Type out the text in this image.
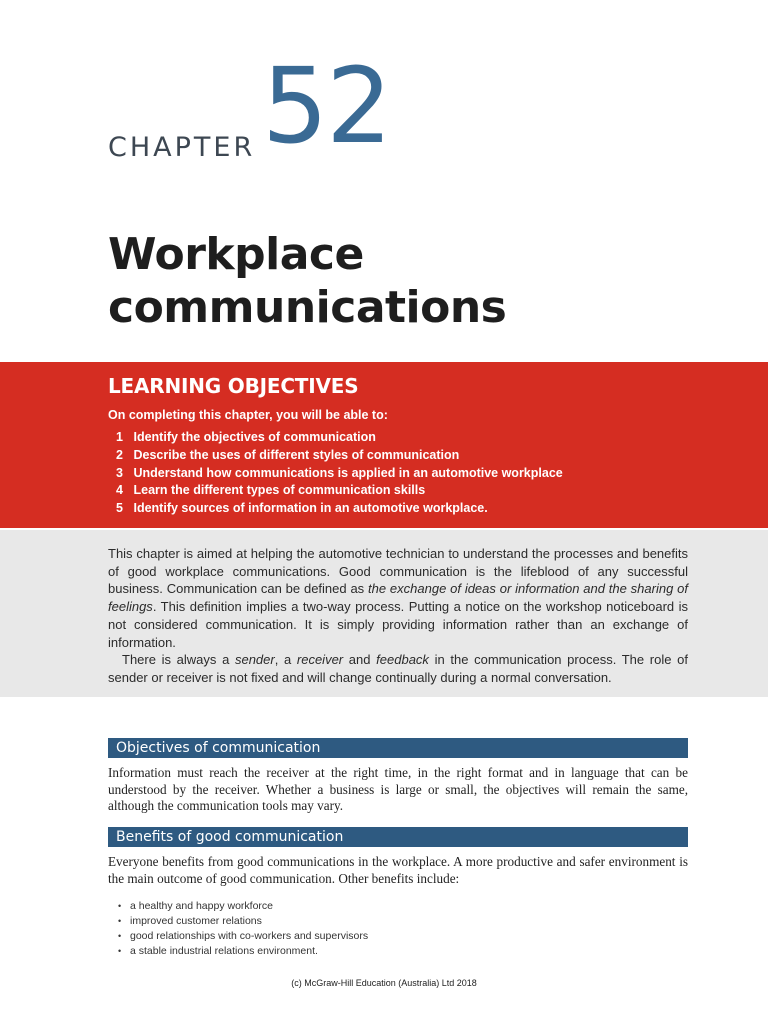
CHAPTER 52
Workplace
communications
LEARNING OBJECTIVES

On completing this chapter, you will be able to:

1 Identify the objectives of communication
2 Describe the uses of different styles of communication
3 Understand how communications is applied in an automotive workplace
4 Learn the different types of communication skills
5 Identify sources of information in an automotive workplace.

This chapter is aimed at helping the automotive technician to understand the processes and benefits of good workplace communications. Good communication is the lifeblood of any successful business. Communication can be defined as the exchange of ideas or information and the sharing of feelings. This definition implies a two-way process. Putting a notice on the workshop noticeboard is not considered communication. It is simply providing information rather than an exchange of information.
There is always a sender, a receiver and feedback in the communication process. The role of sender or receiver is not fixed and will change continually during a normal conversation.

Objectives of communication

Information must reach the receiver at the right time, in the right format and in language that can be understood by the receiver. Whether a business is large or small, the objectives will remain the same, although the communication tools may vary.

Benefits of good communication

Everyone benefits from good communications in the workplace. A more productive and safer environment is the main outcome of good communication. Other benefits include:

• a healthy and happy workforce
• improved customer relations
• good relationships with co-workers and supervisors
• a stable industrial relations environment.
(c) McGraw-Hill Education (Australia) Ltd 2018
